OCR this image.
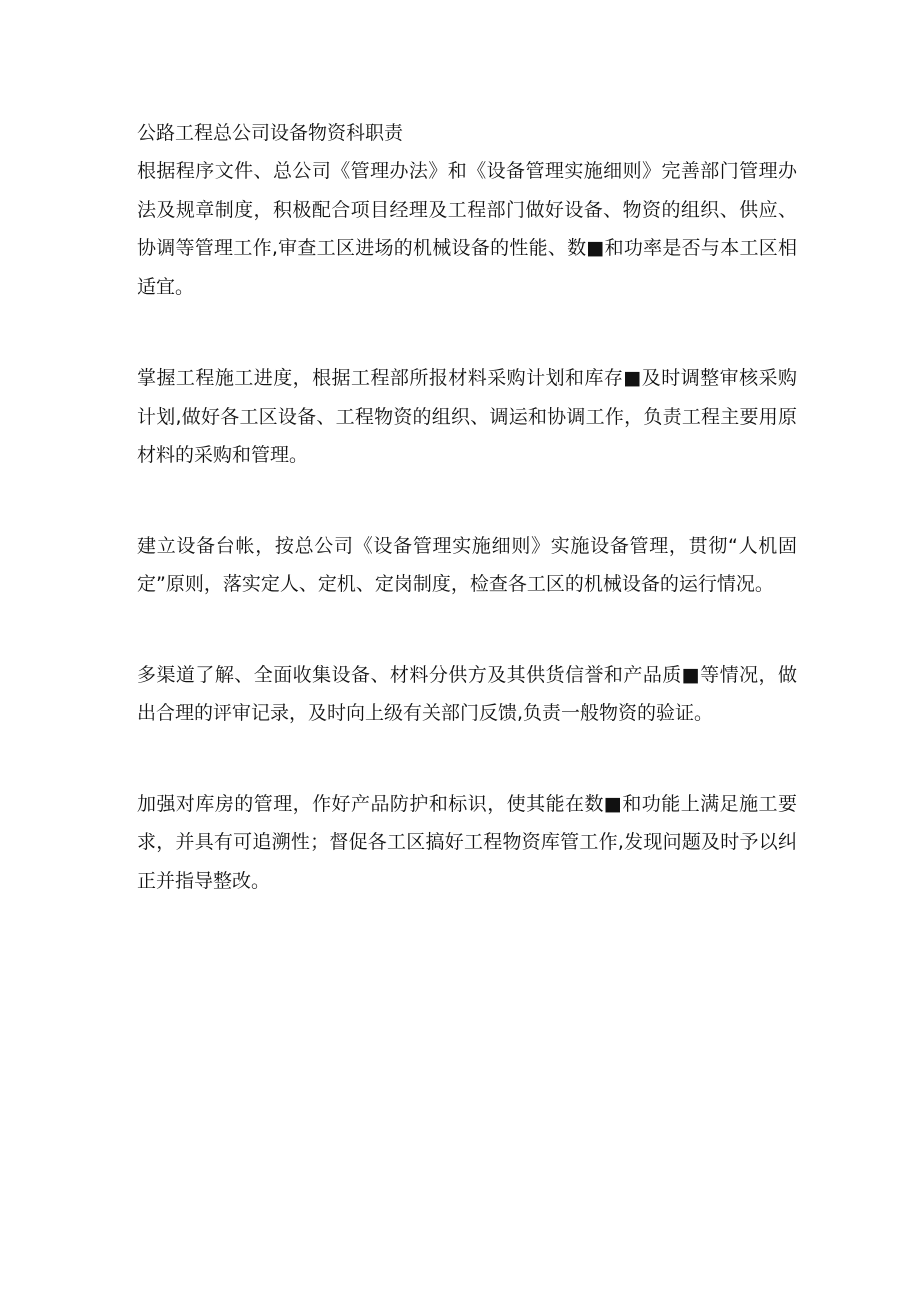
公路工程总公司设备物资科职责

根据程序文件、总公司《管理办法》和《设备管理实施细则》完善部门管理办法及规章制度，积极配合项目经理及工程部门做好设备、物资的组织、供应、协调等管理工作,审查工区进场的机械设备的性能、数■和功率是否与本工区相适宜。

掌握工程施工进度，根据工程部所报材料采购计划和库存■及时调整审核采购计划,做好各工区设备、工程物资的组织、调运和协调工作，负责工程主要用原材料的采购和管理。

建立设备台帐，按总公司《设备管理实施细则》实施设备管理，贯彻“人机固定”原则，落实定人、定机、定岗制度，检查各工区的机械设备的运行情况。

多渠道了解、全面收集设备、材料分供方及其供货信誉和产品质■等情况，做出合理的评审记录，及时向上级有关部门反馈,负责一般物资的验证。

加强对库房的管理，作好产品防护和标识，使其能在数■和功能上满足施工要求，并具有可追溯性；督促各工区搞好工程物资库管工作,发现问题及时予以纠正并指导整改。
